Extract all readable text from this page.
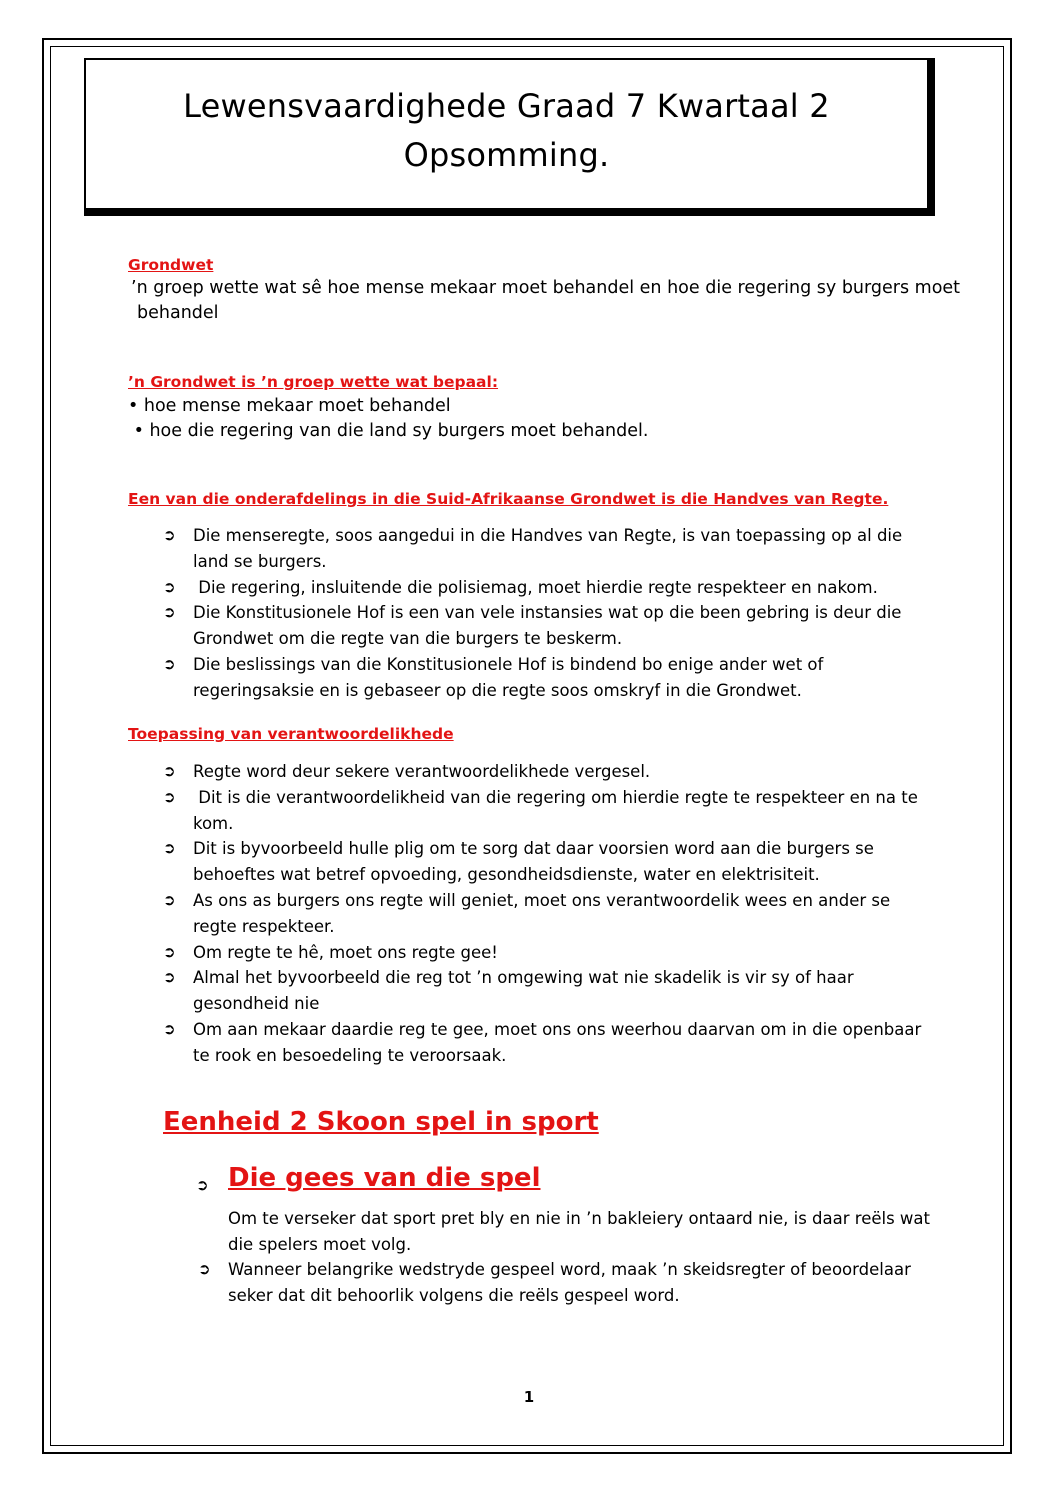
Lewensvaardighede Graad 7 Kwartaal 2
Opsomming.
Grondwet
’n groep wette wat sê hoe mense mekaar moet behandel en hoe die regering sy burgers moet
behandel
’n Grondwet is ’n groep wette wat bepaal:
• hoe mense mekaar moet behandel
• hoe die regering van die land sy burgers moet behandel.
Een van die onderafdelings in die Suid-Afrikaanse Grondwet is die Handves van Regte.
➲ Die menseregte, soos aangedui in die Handves van Regte, is van toepassing op al die land se burgers.
➲ Die regering, insluitende die polisiemag, moet hierdie regte respekteer en nakom.
➲ Die Konstitusionele Hof is een van vele instansies wat op die been gebring is deur die Grondwet om die regte van die burgers te beskerm.
➲ Die beslissings van die Konstitusionele Hof is bindend bo enige ander wet of regeringsaksie en is gebaseer op die regte soos omskryf in die Grondwet.
Toepassing van verantwoordelikhede
➲ Regte word deur sekere verantwoordelikhede vergesel.
➲ Dit is die verantwoordelikheid van die regering om hierdie regte te respekteer en na te kom.
➲ Dit is byvoorbeeld hulle plig om te sorg dat daar voorsien word aan die burgers se behoeftes wat betref opvoeding, gesondheidsdienste, water en elektrisiteit.
➲ As ons as burgers ons regte will geniet, moet ons verantwoordelik wees en ander se regte respekteer.
➲ Om regte te hê, moet ons regte gee!
➲ Almal het byvoorbeeld die reg tot ’n omgewing wat nie skadelik is vir sy of haar gesondheid nie
➲ Om aan mekaar daardie reg te gee, moet ons ons weerhou daarvan om in die openbaar te rook en besoedeling te veroorsaak.
Eenheid 2 Skoon spel in sport
➲ Die gees van die spel
Om te verseker dat sport pret bly en nie in ’n bakleiery ontaard nie, is daar reëls wat die spelers moet volg.
➲ Wanneer belangrike wedstryde gespeel word, maak ’n skeidsregter of beoordelaar seker dat dit behoorlik volgens die reëls gespeel word.
1
